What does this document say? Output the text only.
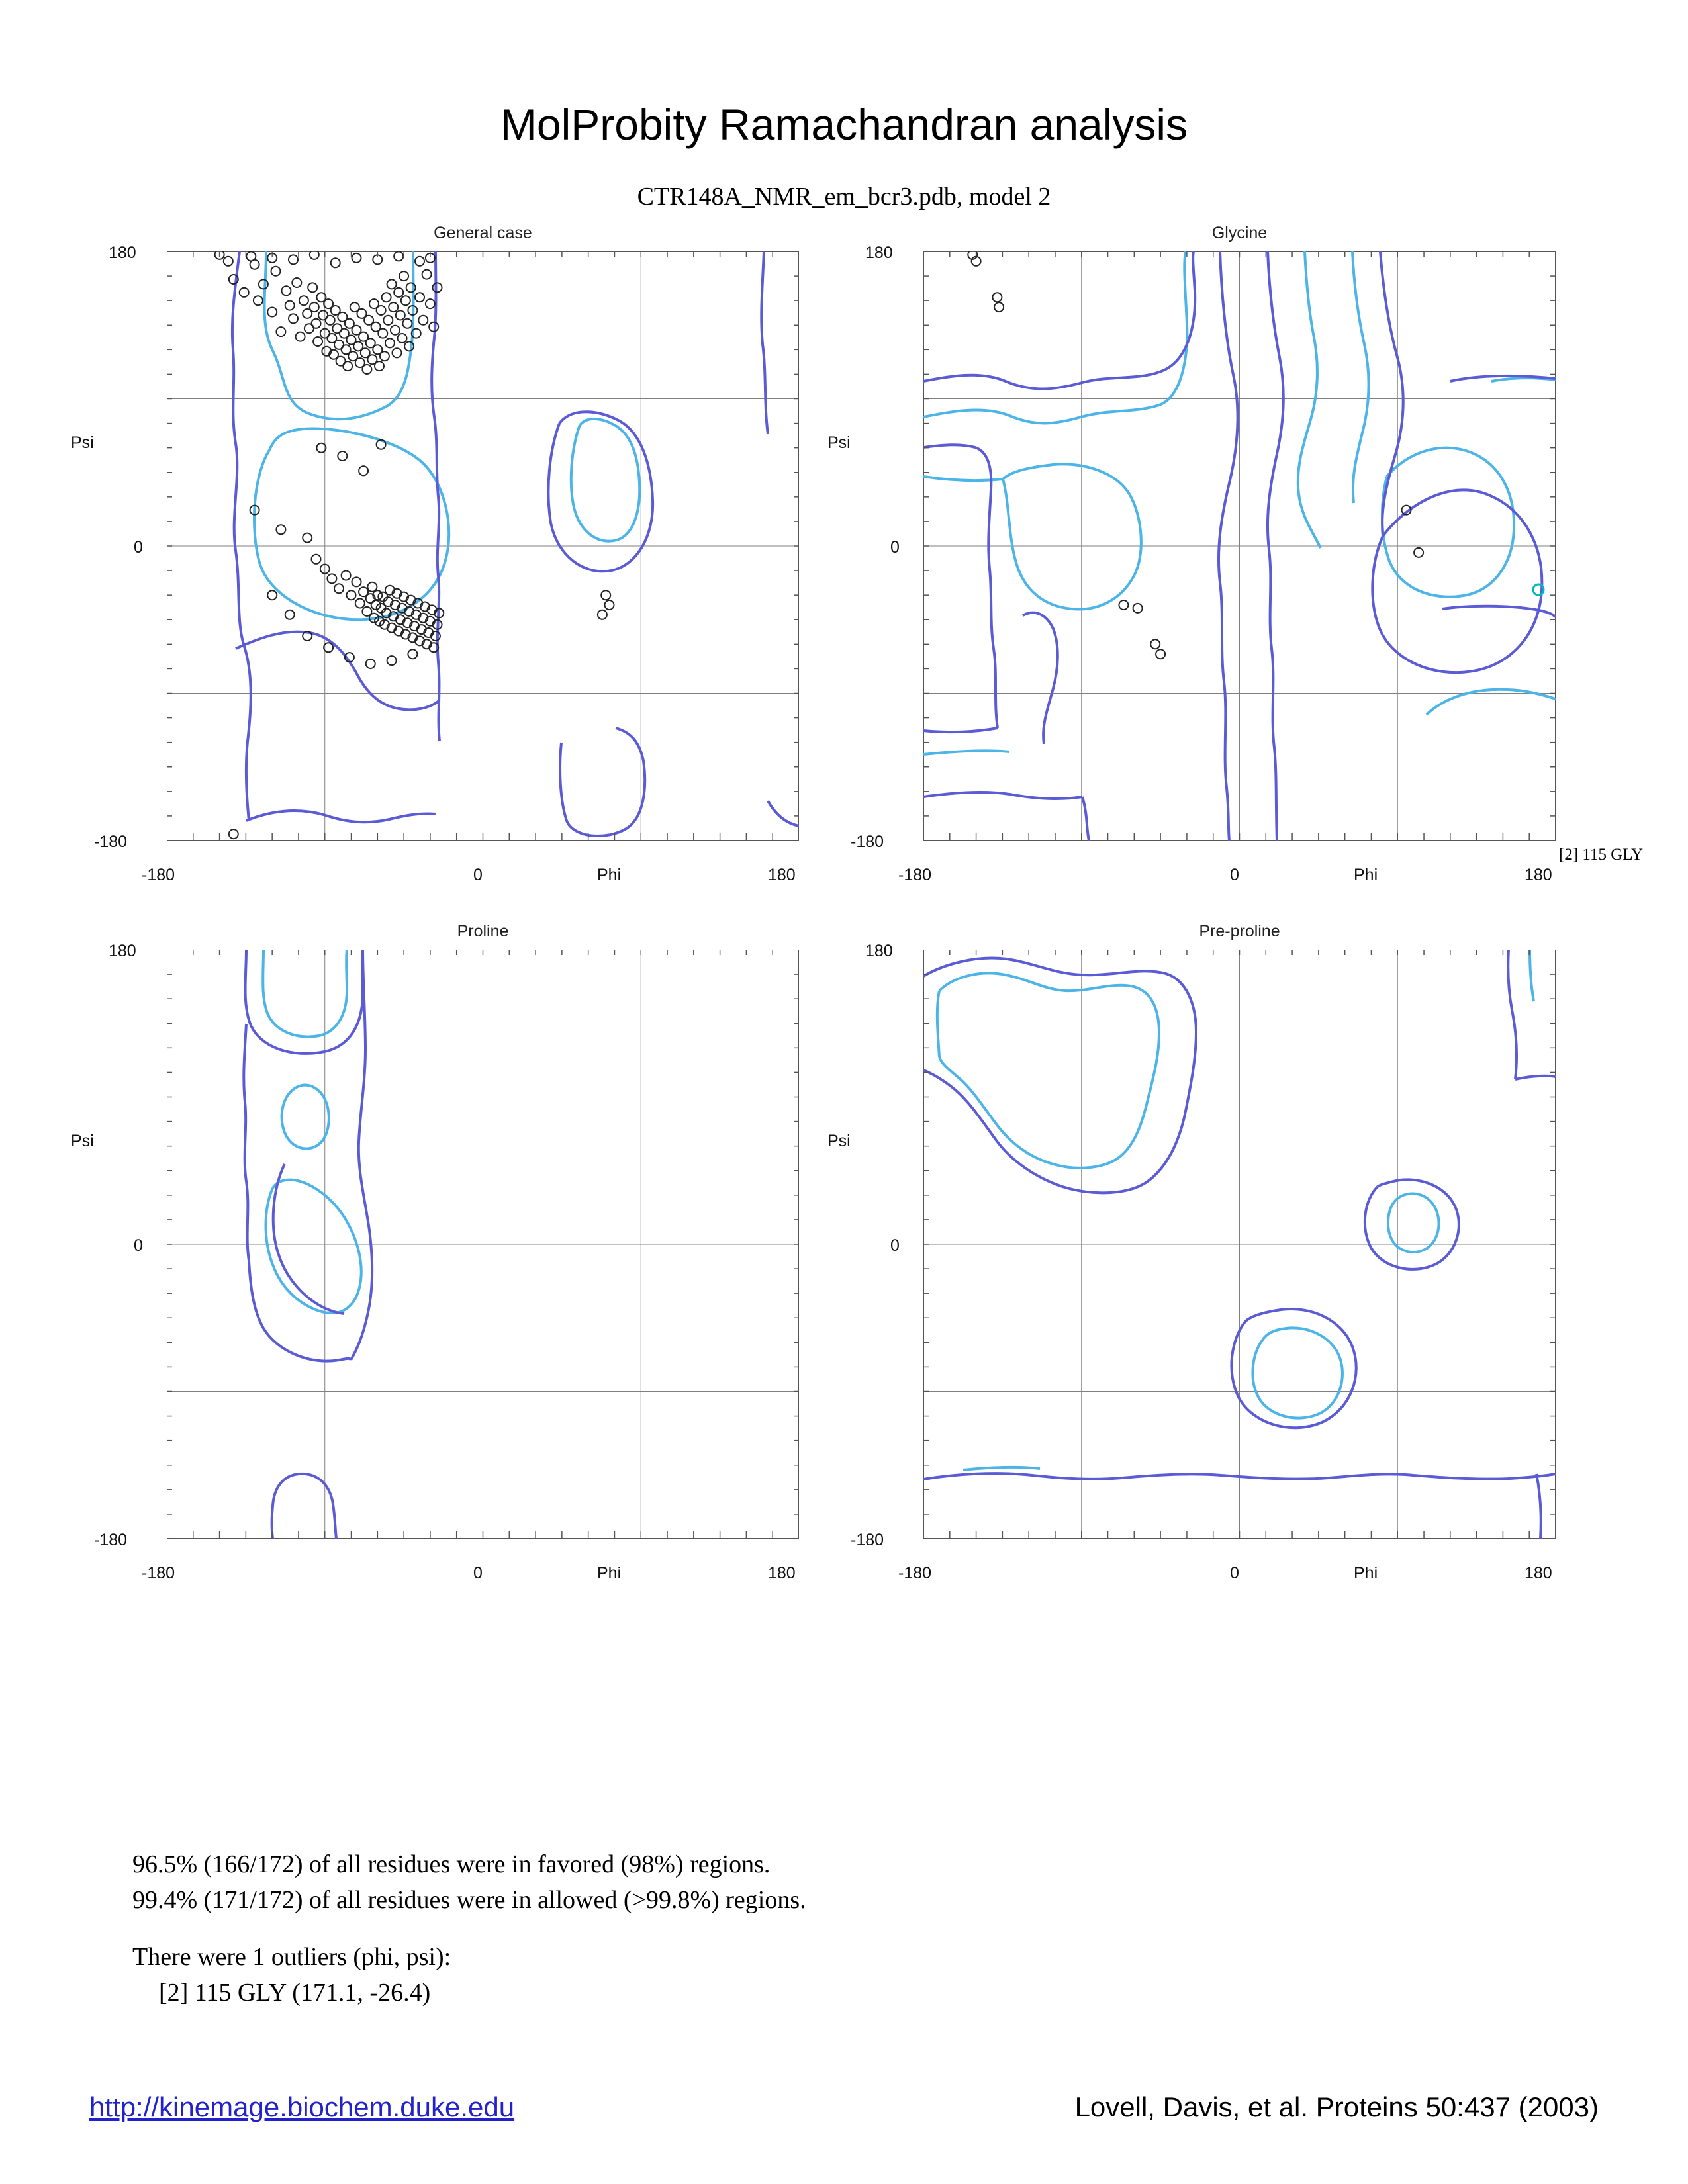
MolProbity Ramachandran analysis
CTR148A_NMR_em_bcr3.pdb, model 2
General case
180
0
-180
Psi
-180	0	180
Phi
Glycine
180
0
-180
Psi
-180	0	180
Phi
[2] 115 GLY
Proline
180
0
-180
Psi
-180	0	180
Phi
Pre-proline
180
0
-180
Psi
-180	0	180
Phi
96.5% (166/172) of all residues were in favored (98%) regions.
99.4% (171/172) of all residues were in allowed (>99.8%) regions.
There were 1 outliers (phi, psi):
[2] 115 GLY (171.1, -26.4)
http://kinemage.biochem.duke.edu	Lovell, Davis, et al. Proteins 50:437 (2003)
